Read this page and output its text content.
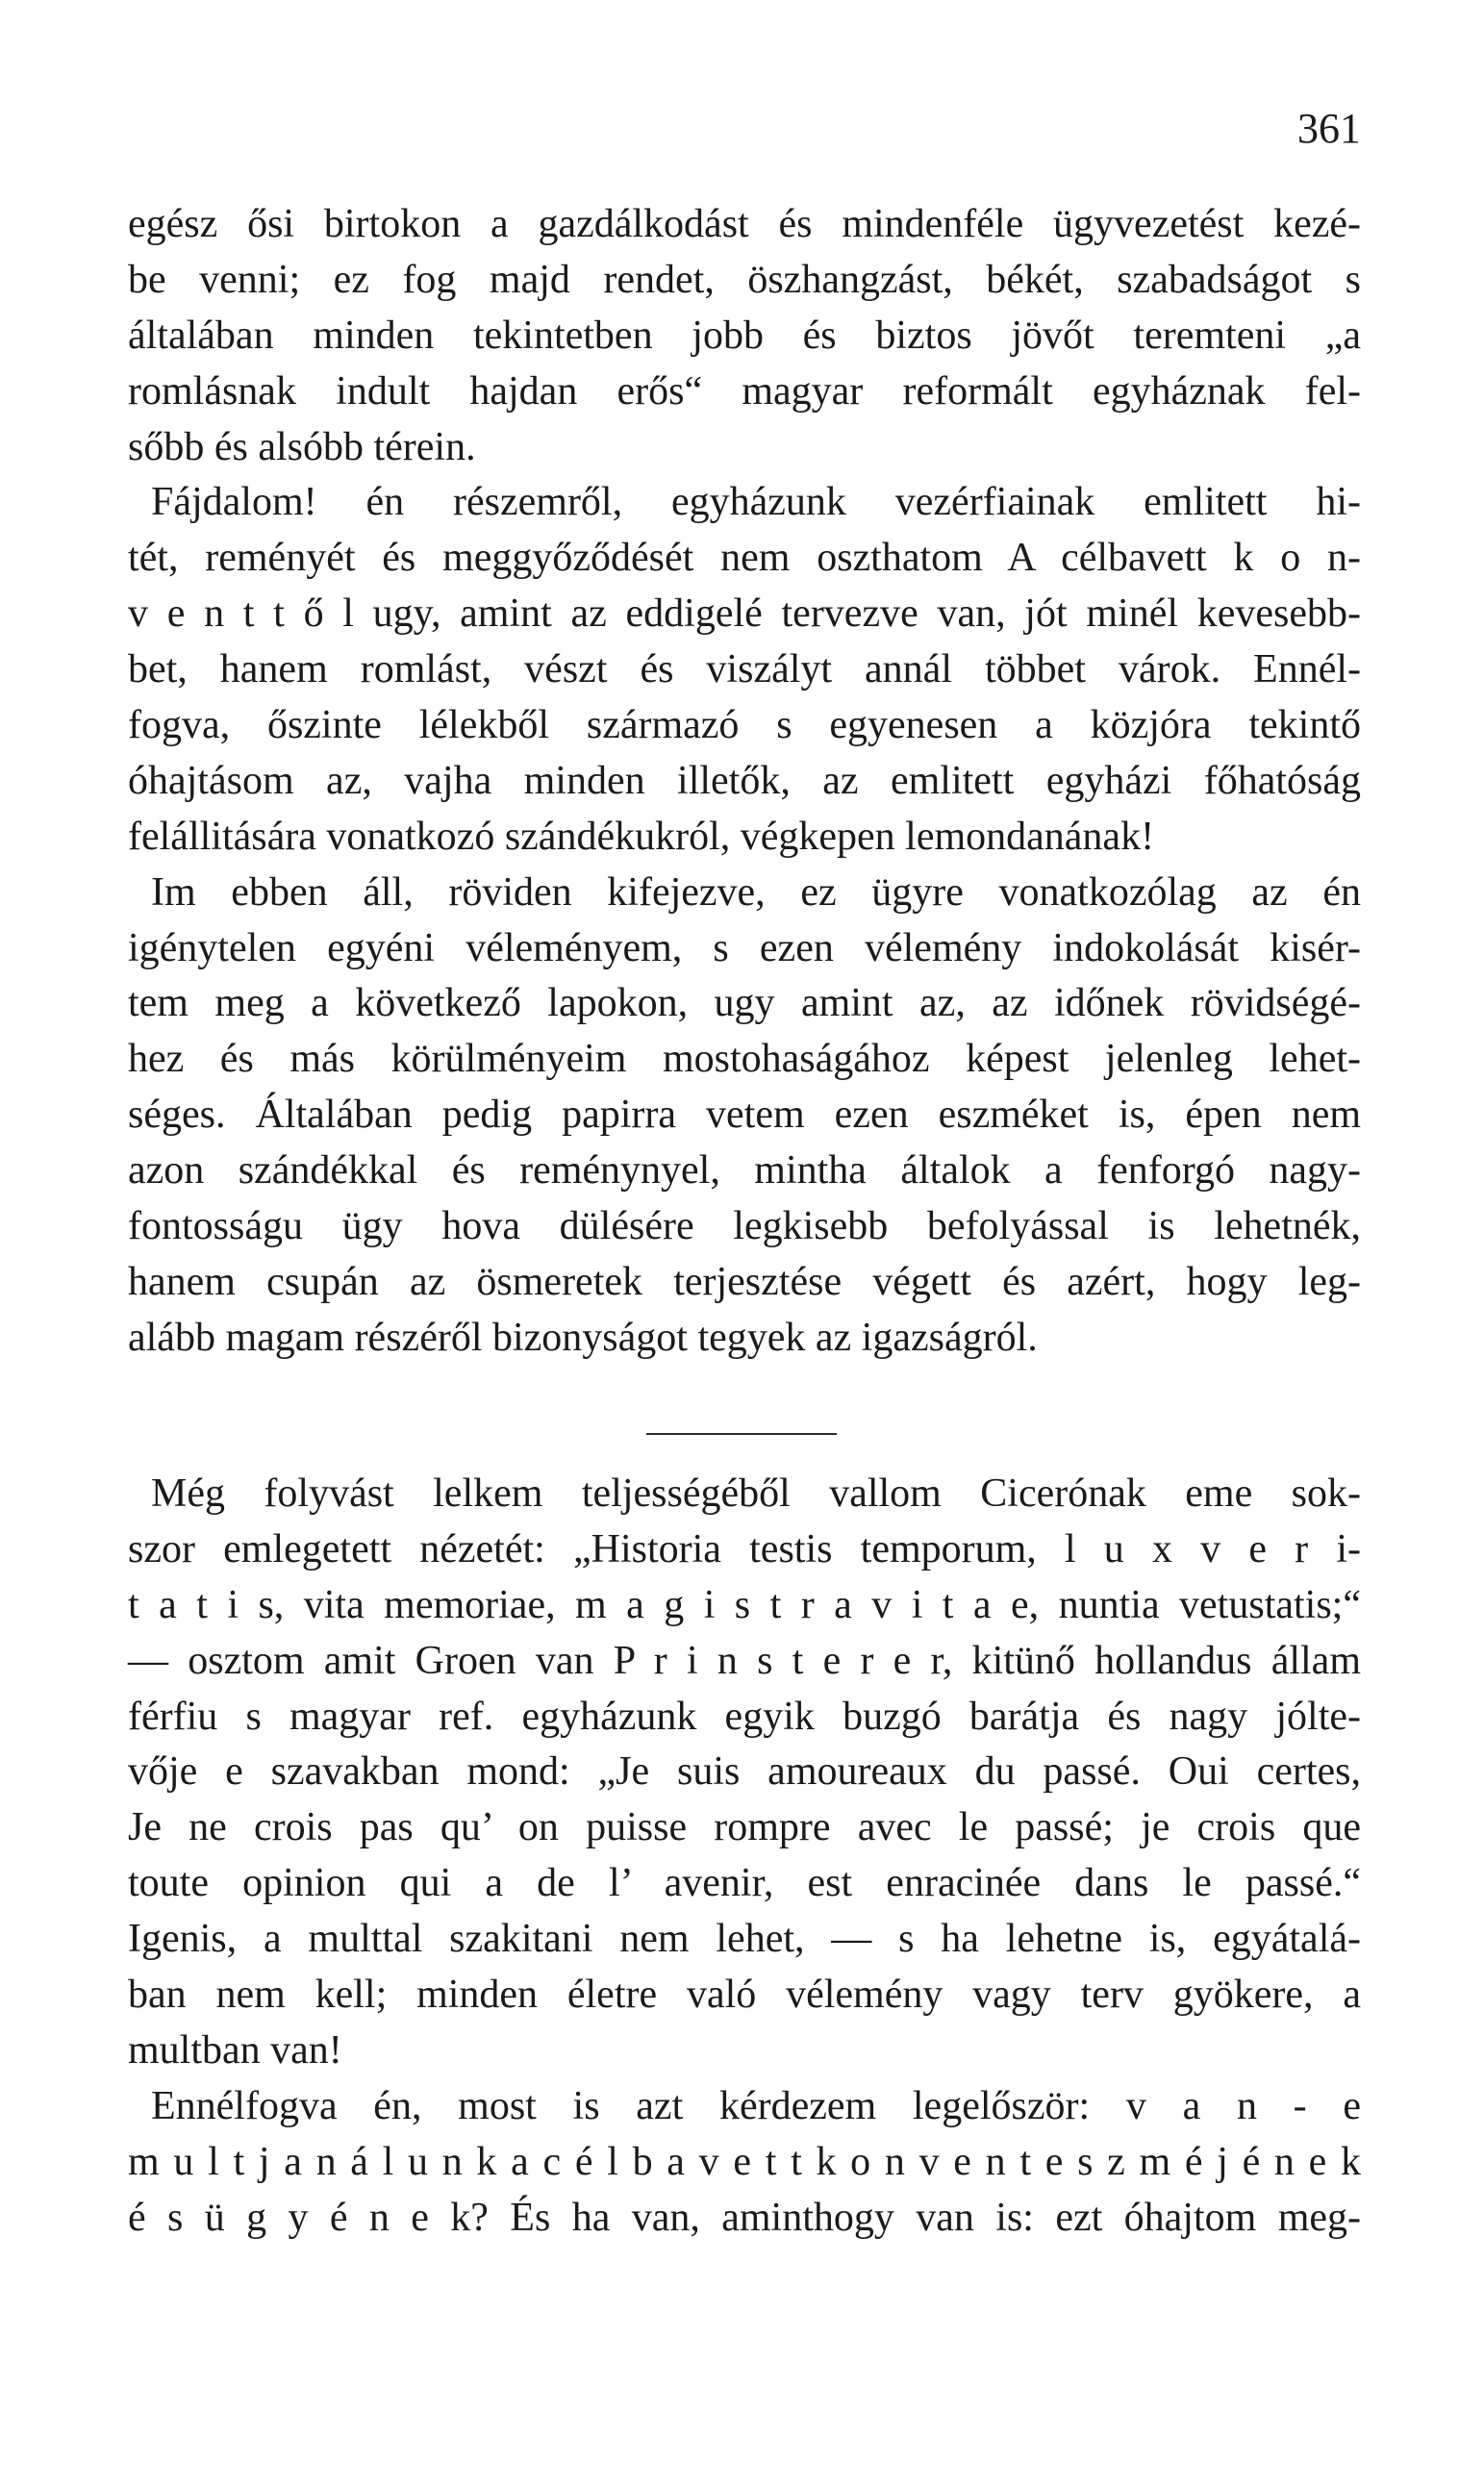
361
egész ősi birtokon a gazdálkodást és mindenféle ügyvezetést kezé-
be venni; ez fog majd rendet, öszhangzást, békét, szabadságot s
általában minden tekintetben jobb és biztos jövőt teremteni „a
romlásnak indult hajdan erős“ magyar reformált egyháznak fel-
sőbb és alsóbb térein.
Fájdalom! én részemről, egyházunk vezérfiainak emlitett hi-
tét, reményét és meggyőződését nem oszthatom A célbavett k o n-
v e n t t ő l ugy, amint az eddigelé tervezve van, jót minél kevesebb-
bet, hanem romlást, vészt és viszályt annál többet várok. Ennél-
fogva, őszinte lélekből származó s egyenesen a közjóra tekintő
óhajtásom az, vajha minden illetők, az emlitett egyházi főhatóság
felállitására vonatkozó szándékukról, végkepen lemondanának!
Im ebben áll, röviden kifejezve, ez ügyre vonatkozólag az én
igénytelen egyéni véleményem, s ezen vélemény indokolását kisér-
tem meg a következő lapokon, ugy amint az, az időnek rövidségé-
hez és más körülményeim mostohaságához képest jelenleg lehet-
séges. Általában pedig papirra vetem ezen eszméket is, épen nem
azon szándékkal és reménynyel, mintha általok a fenforgó nagy-
fontosságu ügy hova dülésére legkisebb befolyással is lehetnék,
hanem csupán az ösmeretek terjesztése végett és azért, hogy leg-
alább magam részéről bizonyságot tegyek az igazságról.
Még folyvást lelkem teljességéből vallom Cicerónak eme sok-
szor emlegetett nézetét: „Historia testis temporum, l u x v e r i-
t a t i s, vita memoriae, m a g i s t r a v i t a e, nuntia vetustatis;“
— osztom amit Groen van P r i n s t e r e r, kitünő hollandus állam
férfiu s magyar ref. egyházunk egyik buzgó barátja és nagy jólte-
vője e szavakban mond: „Je suis amoureaux du passé. Oui certes,
Je ne crois pas qu’ on puisse rompre avec le passé; je crois que
toute opinion qui a de l’ avenir, est enracinée dans le passé.“
Igenis, a multtal szakitani nem lehet, — s ha lehetne is, egyátalá-
ban nem kell; minden életre való vélemény vagy terv gyökere, a
multban van!
Ennélfogva én, most is azt kérdezem legelőször: v a n - e
m u l t j a n á l u n k a c é l b a v e t t k o n v e n t e s z m é j é n e k
é s ü g y é n e k? És ha van, aminthogy van is: ezt óhajtom meg-
